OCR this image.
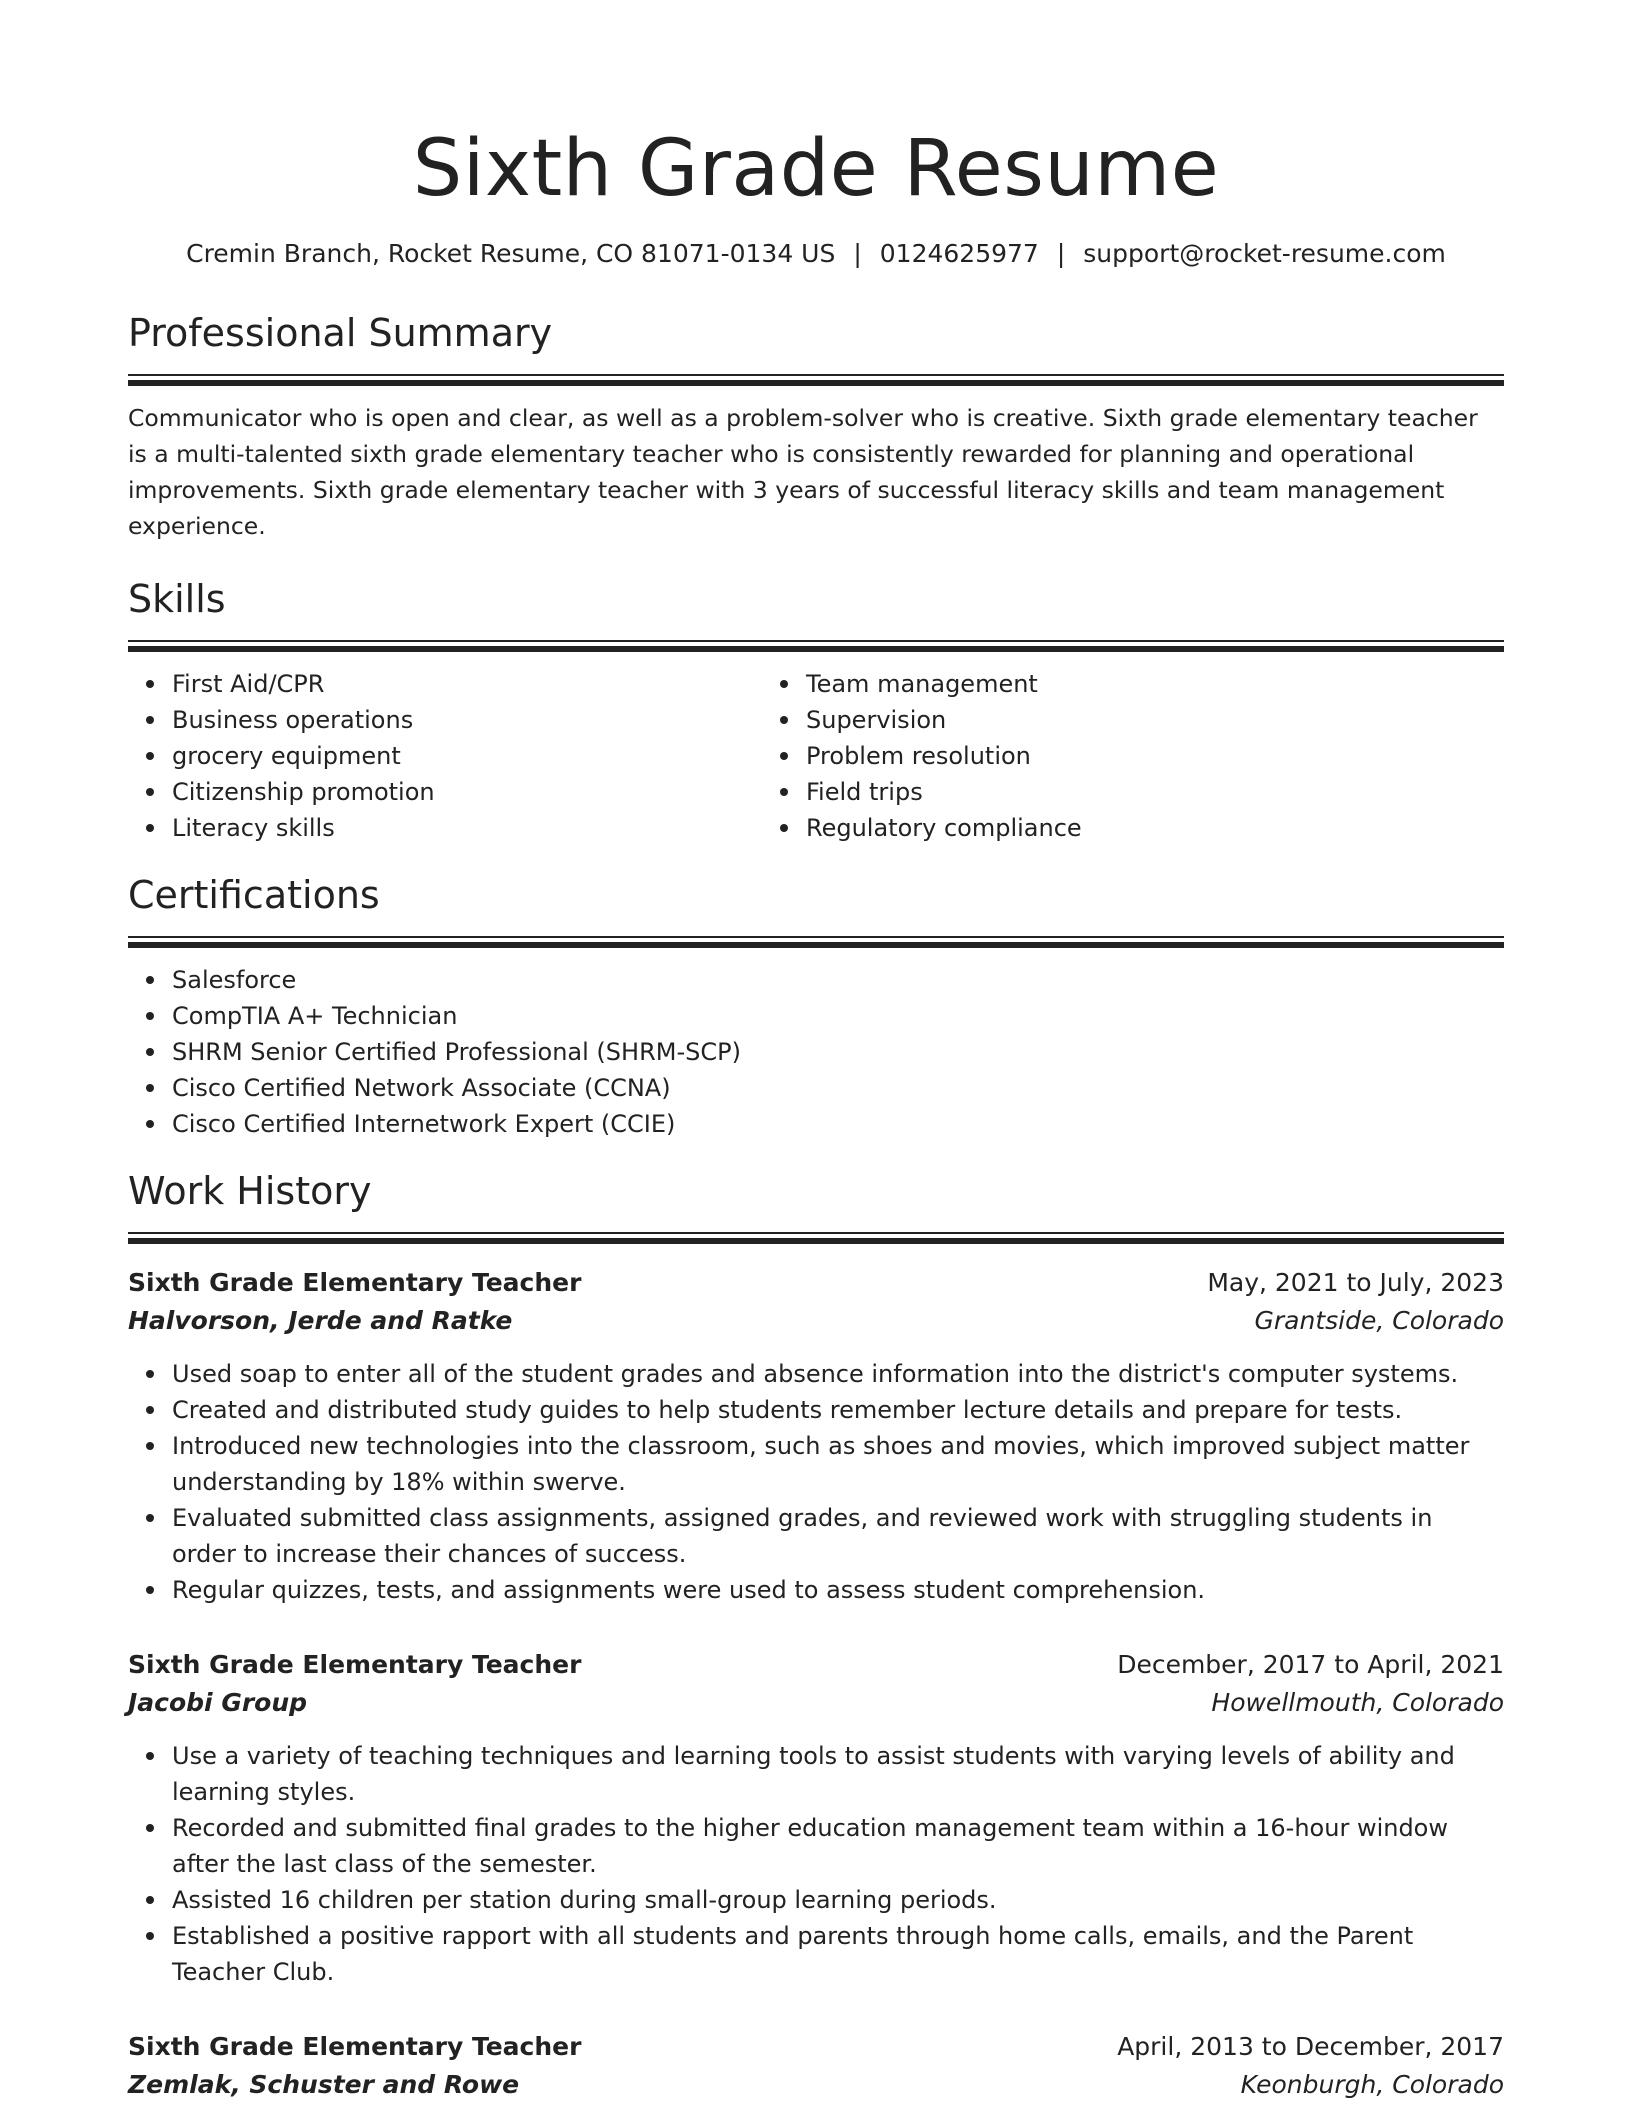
Sixth Grade Resume
Cremin Branch, Rocket Resume, CO 81071-0134 US | 0124625977 | support@rocket-resume.com
Professional Summary

Communicator who is open and clear, as well as a problem-solver who is creative. Sixth grade elementary teacher is a multi-talented sixth grade elementary teacher who is consistently rewarded for planning and operational improvements. Sixth grade elementary teacher with 3 years of successful literacy skills and team management experience.

Skills
First Aid/CPR
Business operations
grocery equipment
Citizenship promotion
Literacy skills
Team management
Supervision
Problem resolution
Field trips
Regulatory compliance
Certifications
Salesforce
CompTIA A+ Technician
SHRM Senior Certified Professional (SHRM-SCP)
Cisco Certified Network Associate (CCNA)
Cisco Certified Internetwork Expert (CCIE)
Work History
Sixth Grade Elementary Teacher	May, 2021 to July, 2023
Halvorson, Jerde and Ratke	Grantside, Colorado
Used soap to enter all of the student grades and absence information into the district's computer systems.
Created and distributed study guides to help students remember lecture details and prepare for tests.
Introduced new technologies into the classroom, such as shoes and movies, which improved subject matter understanding by 18% within swerve.
Evaluated submitted class assignments, assigned grades, and reviewed work with struggling students in order to increase their chances of success.
Regular quizzes, tests, and assignments were used to assess student comprehension.
Sixth Grade Elementary Teacher	December, 2017 to April, 2021
Jacobi Group	Howellmouth, Colorado
Use a variety of teaching techniques and learning tools to assist students with varying levels of ability and learning styles.
Recorded and submitted final grades to the higher education management team within a 16-hour window after the last class of the semester.
Assisted 16 children per station during small-group learning periods.
Established a positive rapport with all students and parents through home calls, emails, and the Parent Teacher Club.
Sixth Grade Elementary Teacher	April, 2013 to December, 2017
Zemlak, Schuster and Rowe	Keonburgh, Colorado
